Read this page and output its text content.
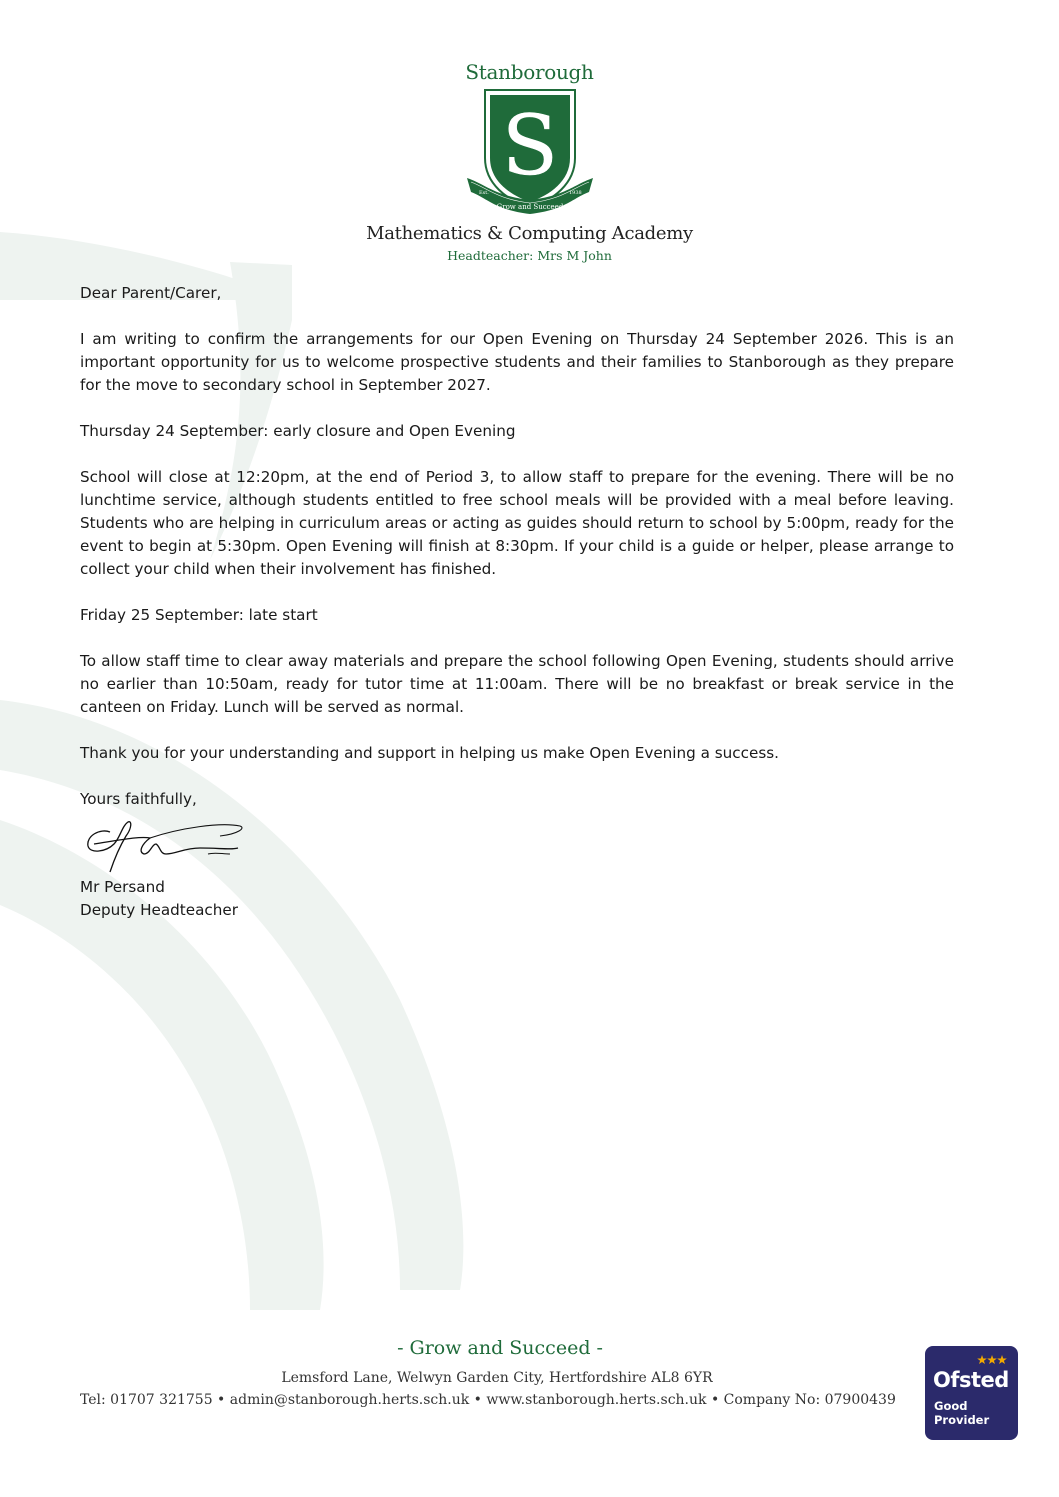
Stanborough
S
Est.	1938
Grow and Succeed
Mathematics & Computing Academy
Headteacher: Mrs M John

Dear Parent/Carer,

I am writing to confirm the arrangements for our Open Evening on Thursday 24 September 2026. This is an important opportunity for us to welcome prospective students and their families to Stanborough as they prepare for the move to secondary school in September 2027.

Thursday 24 September: early closure and Open Evening

School will close at 12:20pm, at the end of Period 3, to allow staff to prepare for the evening. There will be no lunchtime service, although students entitled to free school meals will be provided with a meal before leaving. Students who are helping in curriculum areas or acting as guides should return to school by 5:00pm, ready for the event to begin at 5:30pm. Open Evening will finish at 8:30pm. If your child is a guide or helper, please arrange to collect your child when their involvement has finished.

Friday 25 September: late start

To allow staff time to clear away materials and prepare the school following Open Evening, students should arrive no earlier than 10:50am, ready for tutor time at 11:00am. There will be no breakfast or break service in the canteen on Friday. Lunch will be served as normal.

Thank you for your understanding and support in helping us make Open Evening a success.

Yours faithfully,

Mr Persand
Deputy Headteacher
- Grow and Succeed -
Lemsford Lane, Welwyn Garden City, Hertfordshire AL8 6YR
Tel: 01707 321755 • admin@stanborough.herts.sch.uk • www.stanborough.herts.sch.uk • Company No: 07900439
Ofsted
Good
Provider
